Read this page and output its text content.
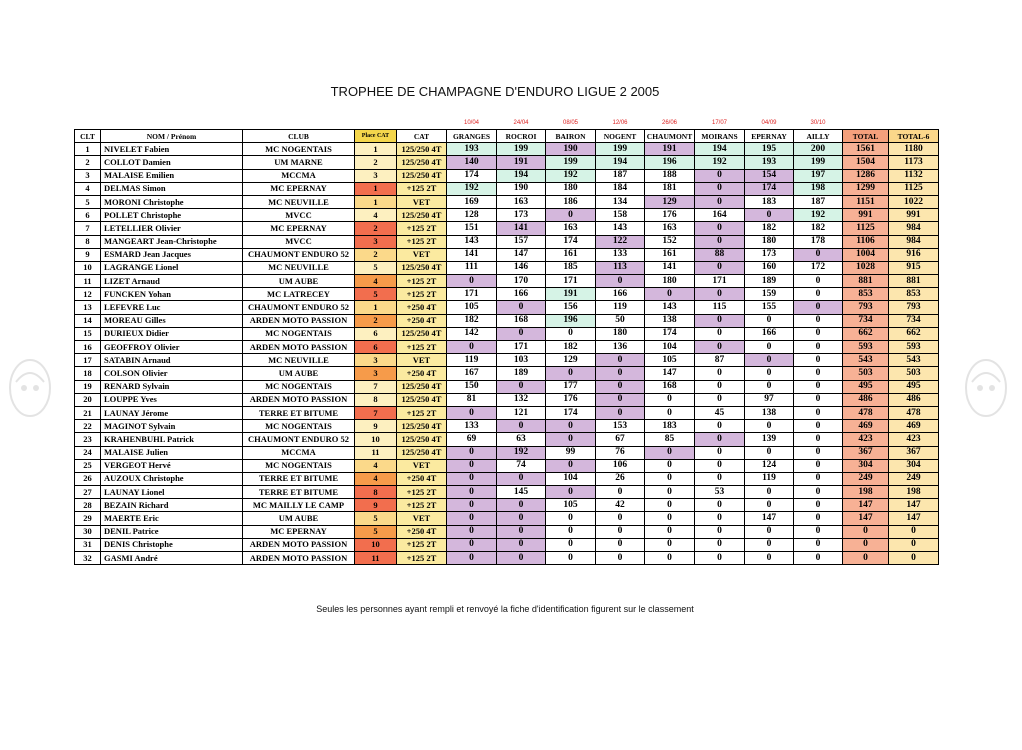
TROPHEE DE CHAMPAGNE D'ENDURO LIGUE 2 2005
					10/04	24/04	08/05	12/06	26/06	17/07	04/09	30/10		
CLT	NOM / Prénom	CLUB	Place CAT	CAT	GRANGES	ROCROI	BAIRON	NOGENT	CHAUMONT	MOIRANS	EPERNAY	AILLY	TOTAL	TOTAL-6
1	NIVELET Fabien	MC NOGENTAIS	1	125/250 4T	193	199	190	199	191	194	195	200	1561	1180
2	COLLOT Damien	UM MARNE	2	125/250 4T	140	191	199	194	196	192	193	199	1504	1173
3	MALAISE Emilien	MCCMA	3	125/250 4T	174	194	192	187	188	0	154	197	1286	1132
4	DELMAS Simon	MC EPERNAY	1	+125 2T	192	190	180	184	181	0	174	198	1299	1125
5	MORONI Christophe	MC NEUVILLE	1	VET	169	163	186	134	129	0	183	187	1151	1022
6	POLLET Christophe	MVCC	4	125/250 4T	128	173	0	158	176	164	0	192	991	991
7	LETELLIER Olivier	MC EPERNAY	2	+125 2T	151	141	163	143	163	0	182	182	1125	984
8	MANGEART Jean-Christophe	MVCC	3	+125 2T	143	157	174	122	152	0	180	178	1106	984
9	ESMARD Jean Jacques	CHAUMONT ENDURO 52	2	VET	141	147	161	133	161	88	173	0	1004	916
10	LAGRANGE Lionel	MC NEUVILLE	5	125/250 4T	111	146	185	113	141	0	160	172	1028	915
11	LIZET Arnaud	UM AUBE	4	+125 2T	0	170	171	0	180	171	189	0	881	881
12	FUNCKEN Yohan	MC LATRECEY	5	+125 2T	171	166	191	166	0	0	159	0	853	853
13	LEFEVRE Luc	CHAUMONT ENDURO 52	1	+250 4T	105	0	156	119	143	115	155	0	793	793
14	MOREAU Gilles	ARDEN MOTO PASSION	2	+250 4T	182	168	196	50	138	0	0	0	734	734
15	DURIEUX Didier	MC NOGENTAIS	6	125/250 4T	142	0	0	180	174	0	166	0	662	662
16	GEOFFROY Olivier	ARDEN MOTO PASSION	6	+125 2T	0	171	182	136	104	0	0	0	593	593
17	SATABIN Arnaud	MC NEUVILLE	3	VET	119	103	129	0	105	87	0	0	543	543
18	COLSON Olivier	UM AUBE	3	+250 4T	167	189	0	0	147	0	0	0	503	503
19	RENARD Sylvain	MC NOGENTAIS	7	125/250 4T	150	0	177	0	168	0	0	0	495	495
20	LOUPPE Yves	ARDEN MOTO PASSION	8	125/250 4T	81	132	176	0	0	0	97	0	486	486
21	LAUNAY Jérome	TERRE ET BITUME	7	+125 2T	0	121	174	0	0	45	138	0	478	478
22	MAGINOT Sylvain	MC NOGENTAIS	9	125/250 4T	133	0	0	153	183	0	0	0	469	469
23	KRAHENBUHL Patrick	CHAUMONT ENDURO 52	10	125/250 4T	69	63	0	67	85	0	139	0	423	423
24	MALAISE Julien	MCCMA	11	125/250 4T	0	192	99	76	0	0	0	0	367	367
25	VERGEOT Hervé	MC NOGENTAIS	4	VET	0	74	0	106	0	0	124	0	304	304
26	AUZOUX Christophe	TERRE ET BITUME	4	+250 4T	0	0	104	26	0	0	119	0	249	249
27	LAUNAY Lionel	TERRE ET BITUME	8	+125 2T	0	145	0	0	0	53	0	0	198	198
28	BEZAIN Richard	MC MAILLY LE CAMP	9	+125 2T	0	0	105	42	0	0	0	0	147	147
29	MAERTE Eric	UM AUBE	5	VET	0	0	0	0	0	0	147	0	147	147
30	DENIL Patrice	MC EPERNAY	5	+250 4T	0	0	0	0	0	0	0	0	0	0
31	DENIS Christophe	ARDEN MOTO PASSION	10	+125 2T	0	0	0	0	0	0	0	0	0	0
32	GASMI André	ARDEN MOTO PASSION	11	+125 2T	0	0	0	0	0	0	0	0	0	0
Seules les personnes ayant rempli et renvoyé la fiche d'identification figurent sur le classement
